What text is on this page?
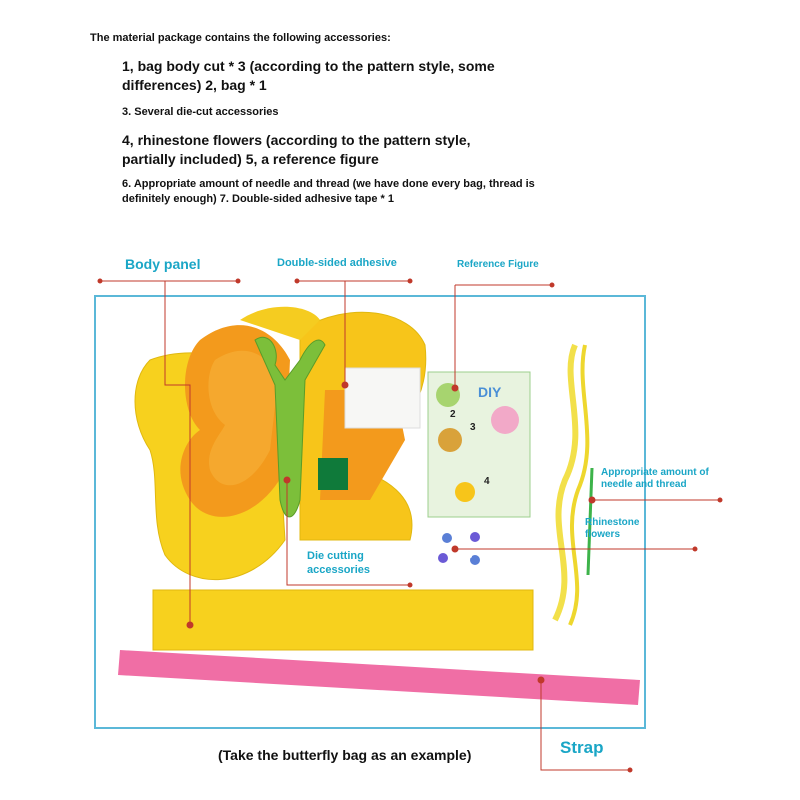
The material package contains the following accessories:
1, bag body cut * 3 (according to the pattern style, some differences) 2, bag * 1
3. Several die-cut accessories
4, rhinestone flowers (according to the pattern style, partially included) 5, a reference figure
6. Appropriate amount of needle and thread (we have done every bag, thread is definitely enough) 7. Double-sided adhesive tape * 1
DIY
2
3
4
Body panel	Double-sided adhesive	Reference Figure
Appropriate amount of needle and thread
Rhinestone flowers
Die cutting accessories
Strap
(Take the butterfly bag as an example)
